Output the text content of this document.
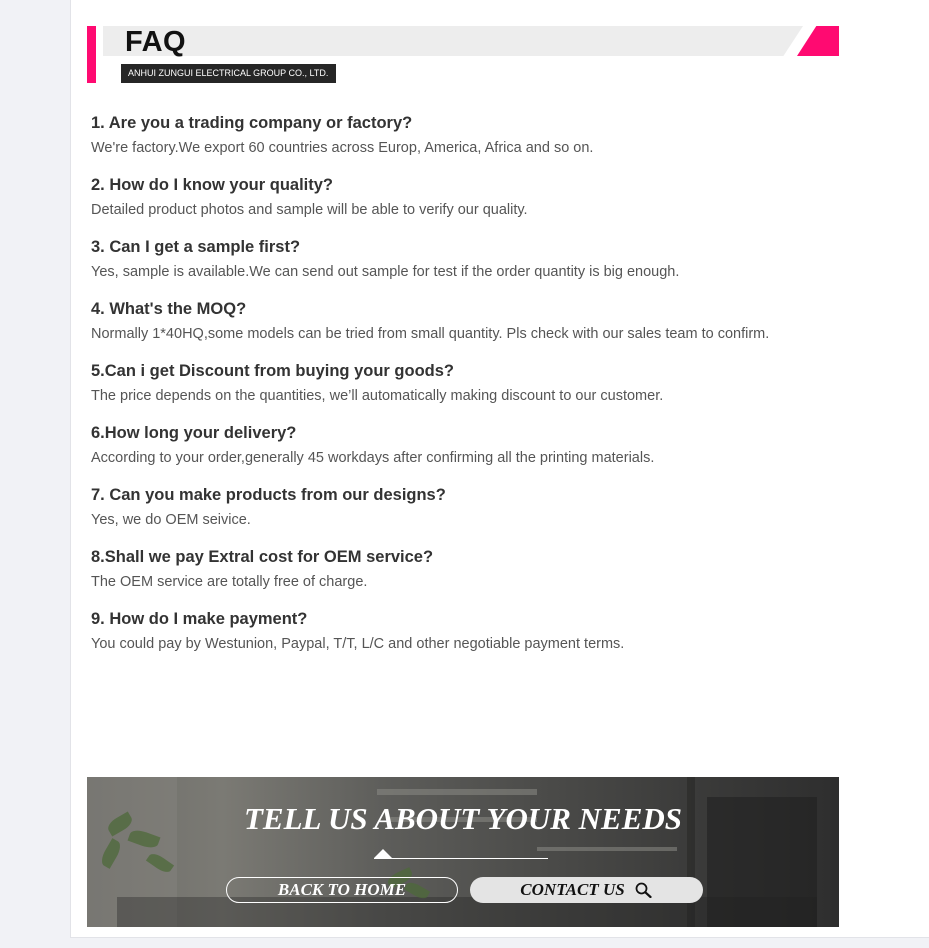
FAQ
ANHUI ZUNGUI ELECTRICAL GROUP CO., LTD.

1. Are you a trading company or factory?

We're factory.We export 60 countries across Europ, America, Africa and so on.

2. How do I know your quality?

Detailed product photos and sample will be able to verify our quality.

3. Can I get a sample first?

Yes, sample is available.We can send out sample for test if the order quantity is big enough.

4. What's the MOQ?

Normally 1*40HQ,some models can be tried from small quantity. Pls check with our sales team to confirm.

5.Can i get Discount from buying your goods?

The price depends on the quantities, we’ll automatically making discount to our customer.

6.How long your delivery?

According to your order,generally 45 workdays after confirming all the printing materials.

7. Can you make products from our designs?

Yes, we do OEM seivice.

8.Shall we pay Extral cost for OEM service?

The OEM service are totally free of charge.

9. How do I make payment?

You could pay by Westunion, Paypal, T/T, L/C and other negotiable payment terms.

TELL US ABOUT YOUR NEEDS
BACK TO HOME	CONTACT US
